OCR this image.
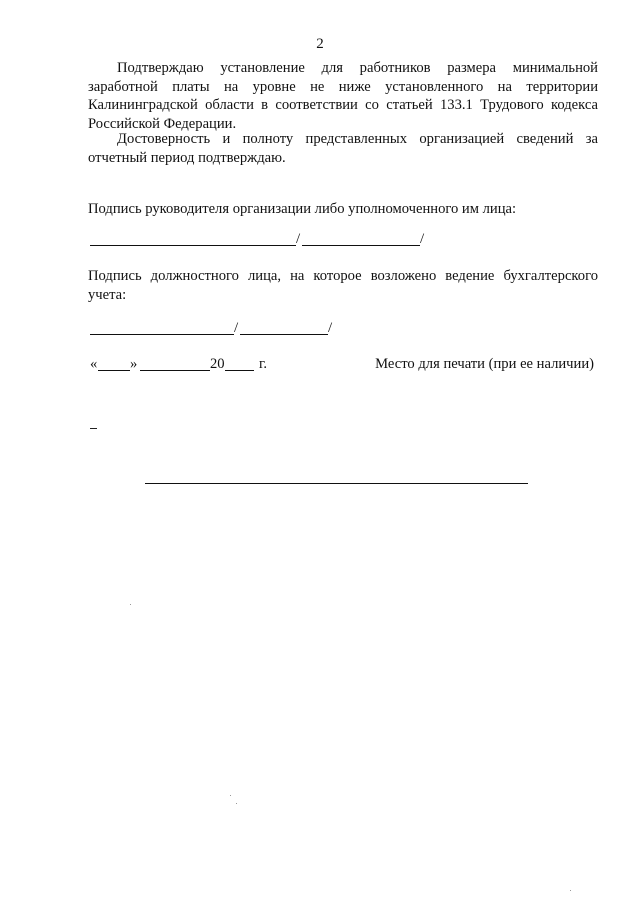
2

Подтверждаю установление для работников размера минимальной заработной платы на уровне не ниже установленного на территории Калининградской области в соответствии со статьей 133.1 Трудового кодекса Российской Федерации.

Достоверность и полноту представленных организацией сведений за отчетный период подтверждаю.

Подпись руководителя организации либо уполномоченного им лица:

/	/

Подпись должностного лица, на которое возложено ведение бухгалтерского учета:

/	/
« »	20 г.	Место для печати (при ее наличии)
